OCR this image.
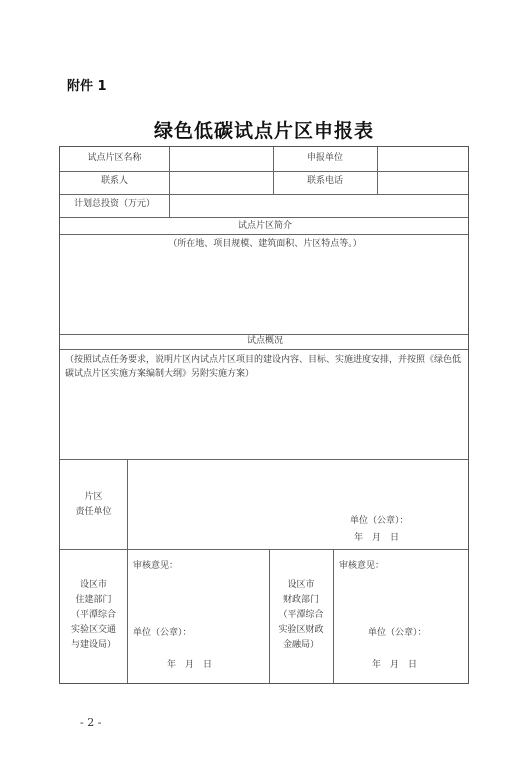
附件 1
绿色低碳试点片区申报表
试点片区名称	申报单位
联系人	联系电话
计划总投资（万元）
试点片区简介
（所在地、项目规模、建筑面积、片区特点等。）
试点概况
（按照试点任务要求，说明片区内试点片区项目的建设内容、目标、实施进度安排，并按照《绿色低碳试点片区实施方案编制大纲》另附实施方案）
片区
责任单位
单位（公章）：
年　月　日
设区市
住建部门
（平潭综合
实验区交通
与建设局）
审核意见：
单位（公章）：
年　月　日
设区市
财政部门
（平潭综合
实验区财政
金融局）
审核意见：
单位（公章）：
年　月　日
- 2 -
